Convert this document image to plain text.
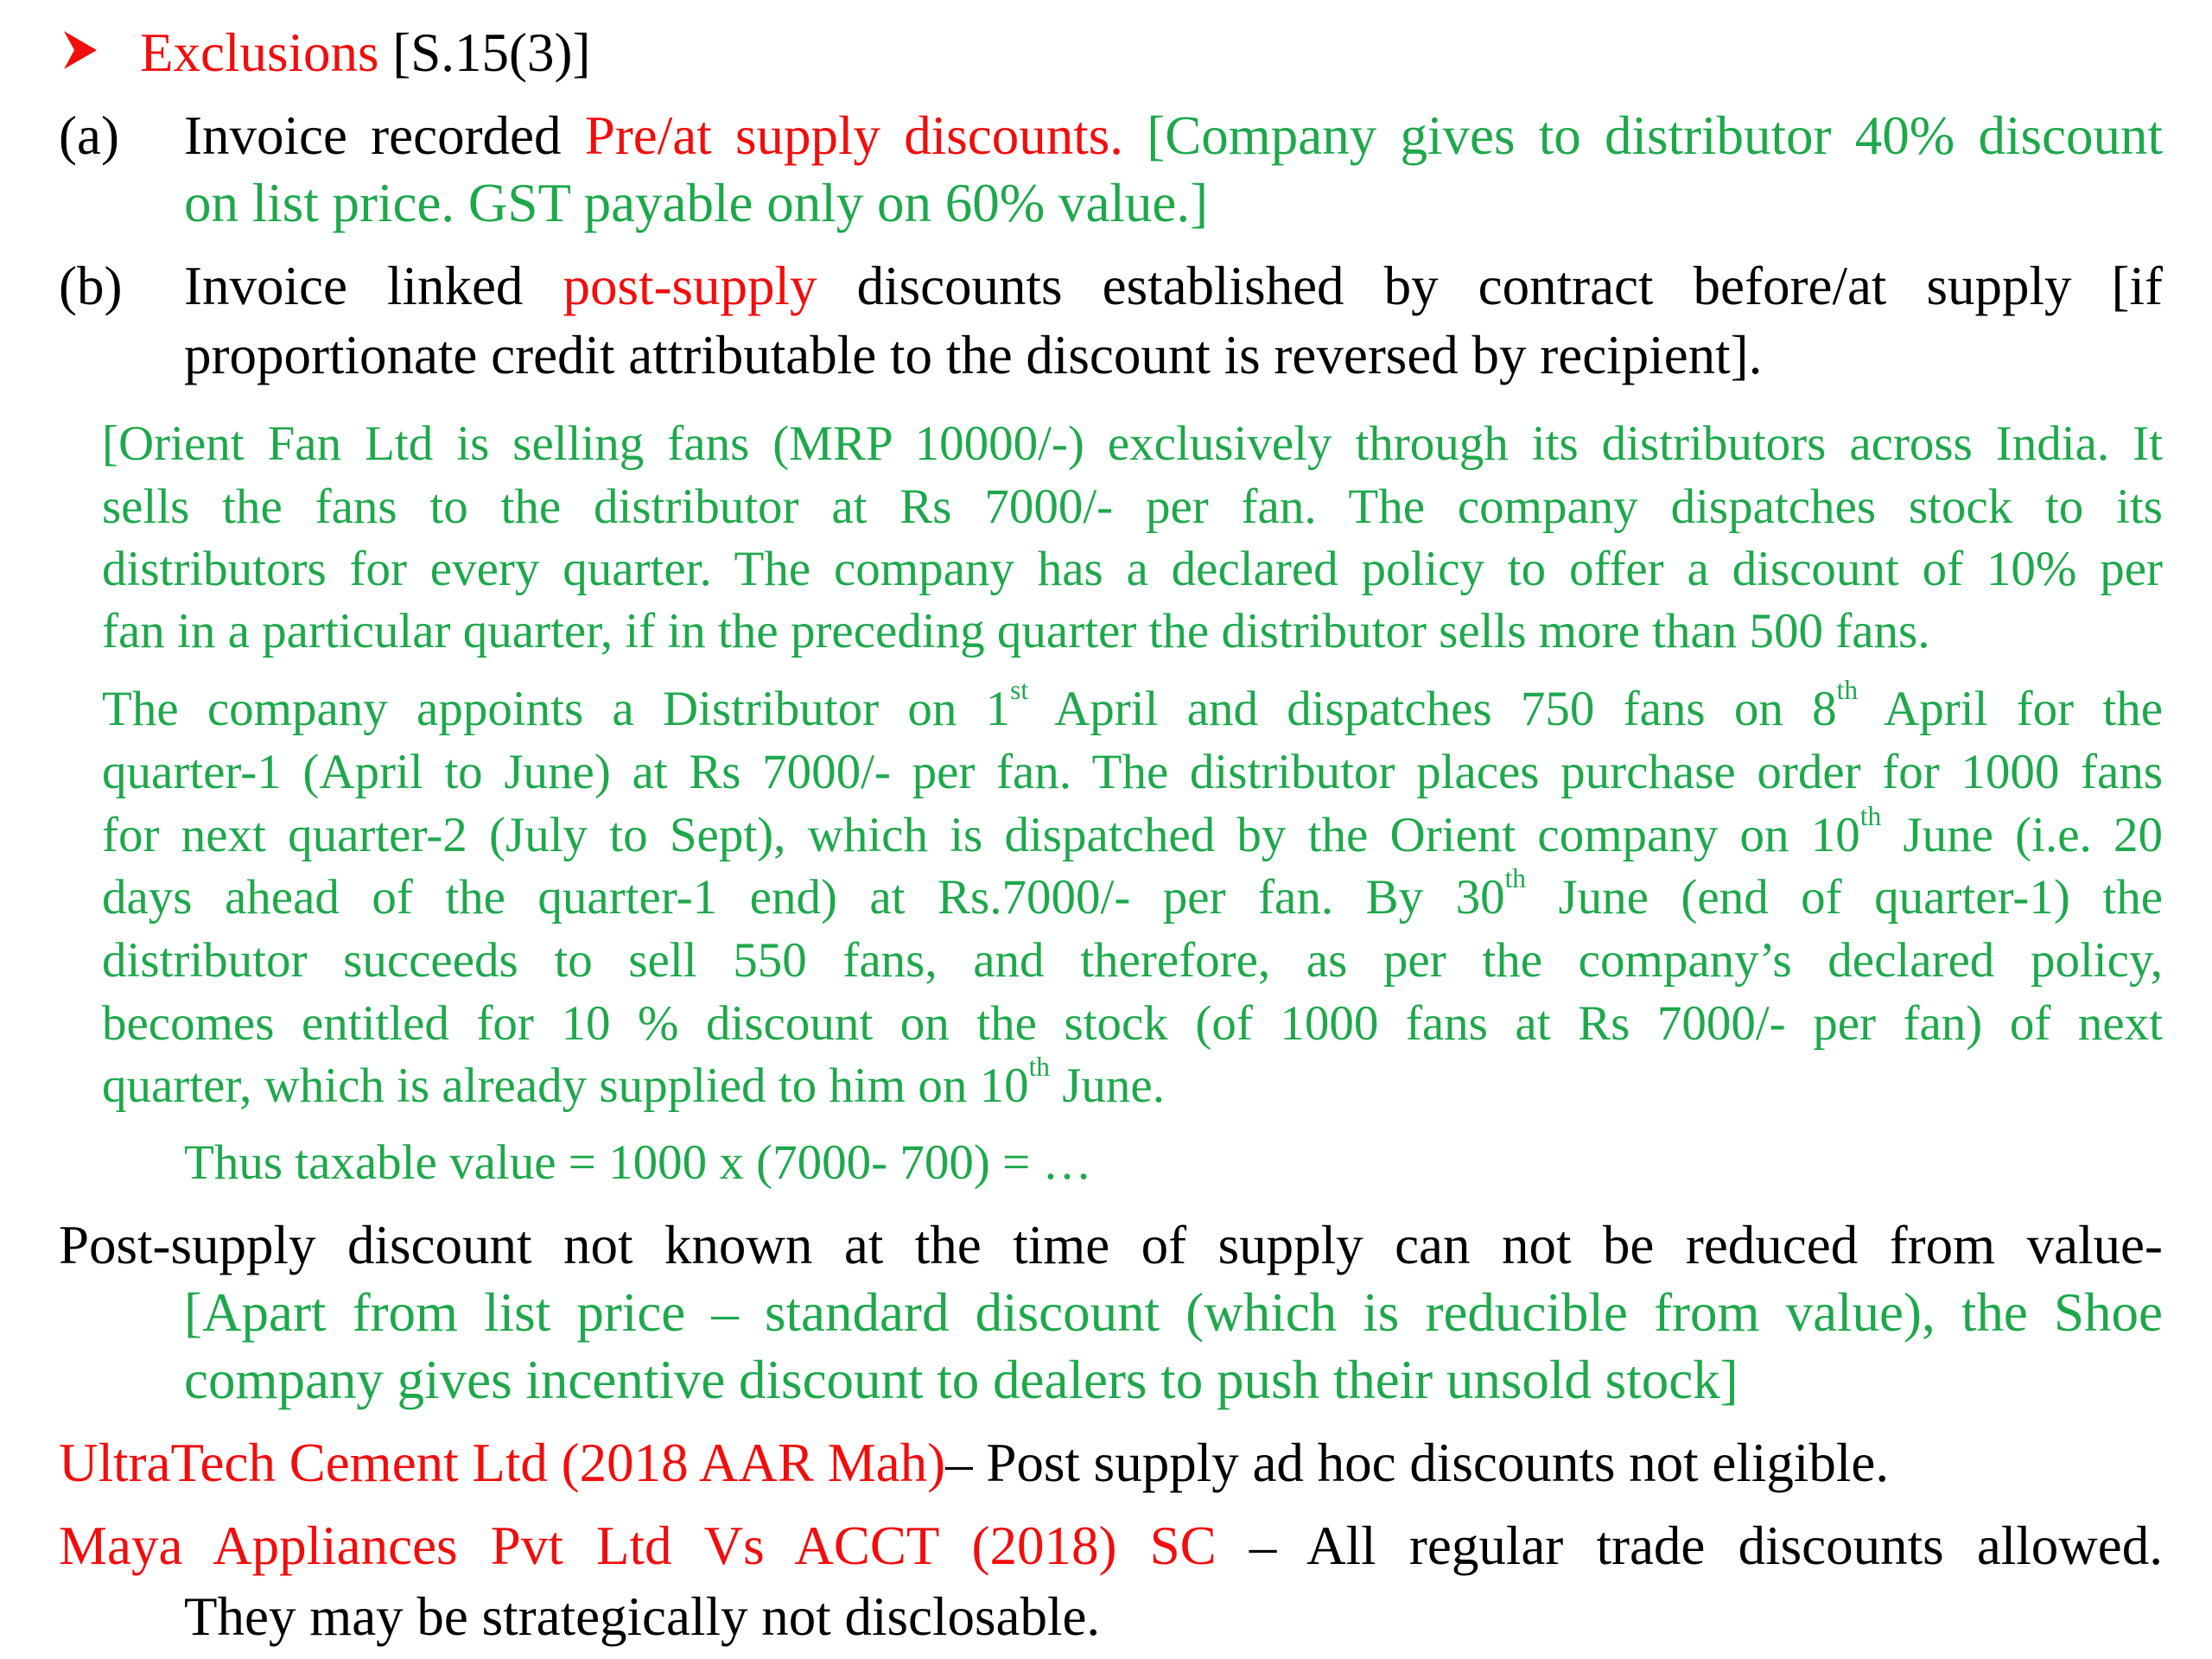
Exclusions [S.15(3)]
(a) Invoice recorded Pre/at supply discounts. [Company gives to distributor 40% discount
on list price. GST payable only on 60% value.]
(b) Invoice linked post-supply discounts established by contract before/at supply [if
proportionate credit attributable to the discount is reversed by recipient].
[Orient Fan Ltd is selling fans (MRP 10000/-) exclusively through its distributors across India. It
sells the fans to the distributor at Rs 7000/- per fan. The company dispatches stock to its
distributors for every quarter. The company has a declared policy to offer a discount of 10% per
fan in a particular quarter, if in the preceding quarter the distributor sells more than 500 fans.
The company appoints a Distributor on 1st April and dispatches 750 fans on 8th April for the
quarter-1 (April to June) at Rs 7000/- per fan. The distributor places purchase order for 1000 fans
for next quarter-2 (July to Sept), which is dispatched by the Orient company on 10th June (i.e. 20
days ahead of the quarter-1 end) at Rs.7000/- per fan. By 30th June (end of quarter-1) the
distributor succeeds to sell 550 fans, and therefore, as per the company’s declared policy,
becomes entitled for 10 % discount on the stock (of 1000 fans at Rs 7000/- per fan) of next
quarter, which is already supplied to him on 10th June.
Thus taxable value = 1000 x (7000- 700) = …
Post-supply discount not known at the time of supply can not be reduced from value-
[Apart from list price – standard discount (which is reducible from value), the Shoe
company gives incentive discount to dealers to push their unsold stock]
UltraTech Cement Ltd (2018 AAR Mah)– Post supply ad hoc discounts not eligible.
Maya Appliances Pvt Ltd Vs ACCT (2018) SC – All regular trade discounts allowed.
They may be strategically not disclosable.
